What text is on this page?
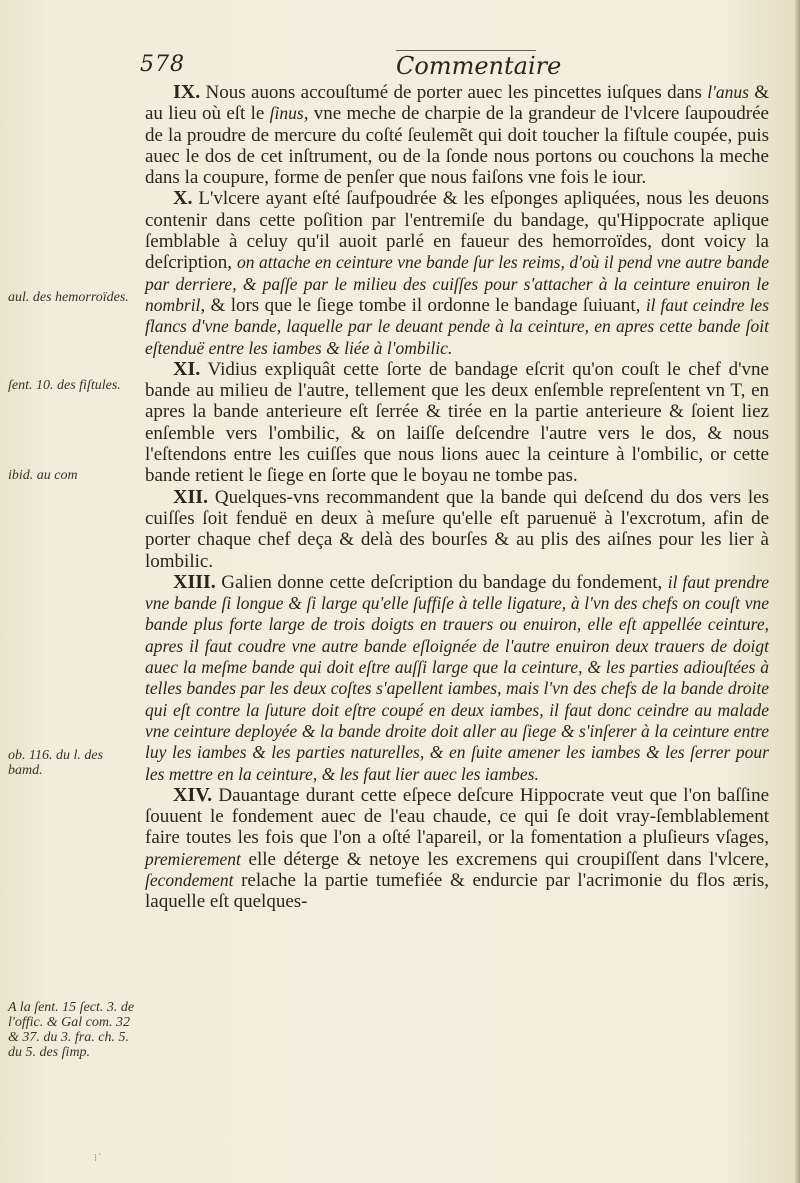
578	Commentaire
aul. des hemorroïdes.
ſent. 10. des fiſtules.
ibid. au com
ob. 116. du l. des bamd.
A la ſent. 15 ſect. 3. de l'offic. & Gal com. 32 & 37. du 3. fra. ch. 5. du 5. des ſimp.

IX. Nous auons accouſtumé de porter auec les pincettes iuſques dans l'anus & au lieu où eſt le ſinus, vne meche de charpie de la grandeur de l'vlcere ſaupoudrée de la proudre de mercure du coſté ſeulemẽt qui doit toucher la fiſtule coupée, puis auec le dos de cet inſtrument, ou de la ſonde nous portons ou couchons la meche dans la coupure, forme de penſer que nous faiſons vne fois le iour.

X. L'vlcere ayant eſté ſaufpoudrée & les eſponges apliquées, nous les deuons contenir dans cette poſition par l'entremiſe du bandage, qu'Hippocrate aplique ſemblable à celuy qu'il auoit parlé en faueur des hemorroïdes, dont voicy la deſcription, on attache en ceinture vne bande ſur les reims, d'où il pend vne autre bande par derriere, & paſſe par le milieu des cuiſſes pour s'attacher à la ceinture enuiron le nombril, & lors que le ſiege tombe il ordonne le bandage ſuiuant, il faut ceindre les flancs d'vne bande, laquelle par le deuant pende à la ceinture, en apres cette bande ſoit eſtenduë entre les iambes & liée à l'ombilic.

XI. Vidius expliquât cette ſorte de bandage eſcrit qu'on couſt le chef d'vne bande au milieu de l'autre, tellement que les deux enſemble repreſentent vn T, en apres la bande anterieure eſt ſerrée & tirée en la partie anterieure & ſoient liez enſemble vers l'ombilic, & on laiſſe deſcendre l'autre vers le dos, & nous l'eſtendons entre les cuiſſes que nous lions auec la ceinture à l'ombilic, or cette bande retient le ſiege en ſorte que le boyau ne tombe pas.

XII. Quelques-vns recommandent que la bande qui deſcend du dos vers les cuiſſes ſoit fenduë en deux à meſure qu'elle eſt paruenuë à l'excrotum, afin de porter chaque chef deça & delà des bourſes & au plis des aiſnes pour les lier à lombilic.

XIII. Galien donne cette deſcription du bandage du fondement, il faut prendre vne bande ſi longue & ſi large qu'elle ſuffiſe à telle ligature, à l'vn des chefs on couſt vne bande plus forte large de trois doigts en trauers ou enuiron, elle eſt appellée ceinture, apres il faut coudre vne autre bande eſloignée de l'autre enuiron deux trauers de doigt auec la meſme bande qui doit eſtre auſſi large que la ceinture, & les parties adiouſtées à telles bandes par les deux coſtes s'apellent iambes, mais l'vn des chefs de la bande droite qui eſt contre la ſuture doit eſtre coupé en deux iambes, il faut donc ceindre au malade vne ceinture deployée & la bande droite doit aller au ſiege & s'inſerer à la ceinture entre luy les iambes & les parties naturelles, & en ſuite amener les iambes & les ſerrer pour les mettre en la ceinture, & les faut lier auec les iambes.

XIV. Dauantage durant cette eſpece deſcure Hippocrate veut que l'on baſſine ſouuent le fondement auec de l'eau chaude, ce qui ſe doit vray-ſemblablement faire toutes les fois que l'on a oſté l'apareil, or la fomentation a pluſieurs vſages, premierement elle déterge & netoye les excremens qui croupiſſent dans l'vlcere, ſecondement relache la partie tumefiée & endurcie par l'acrimonie du flos æris, laquelle eſt quelques-

⁝˙
